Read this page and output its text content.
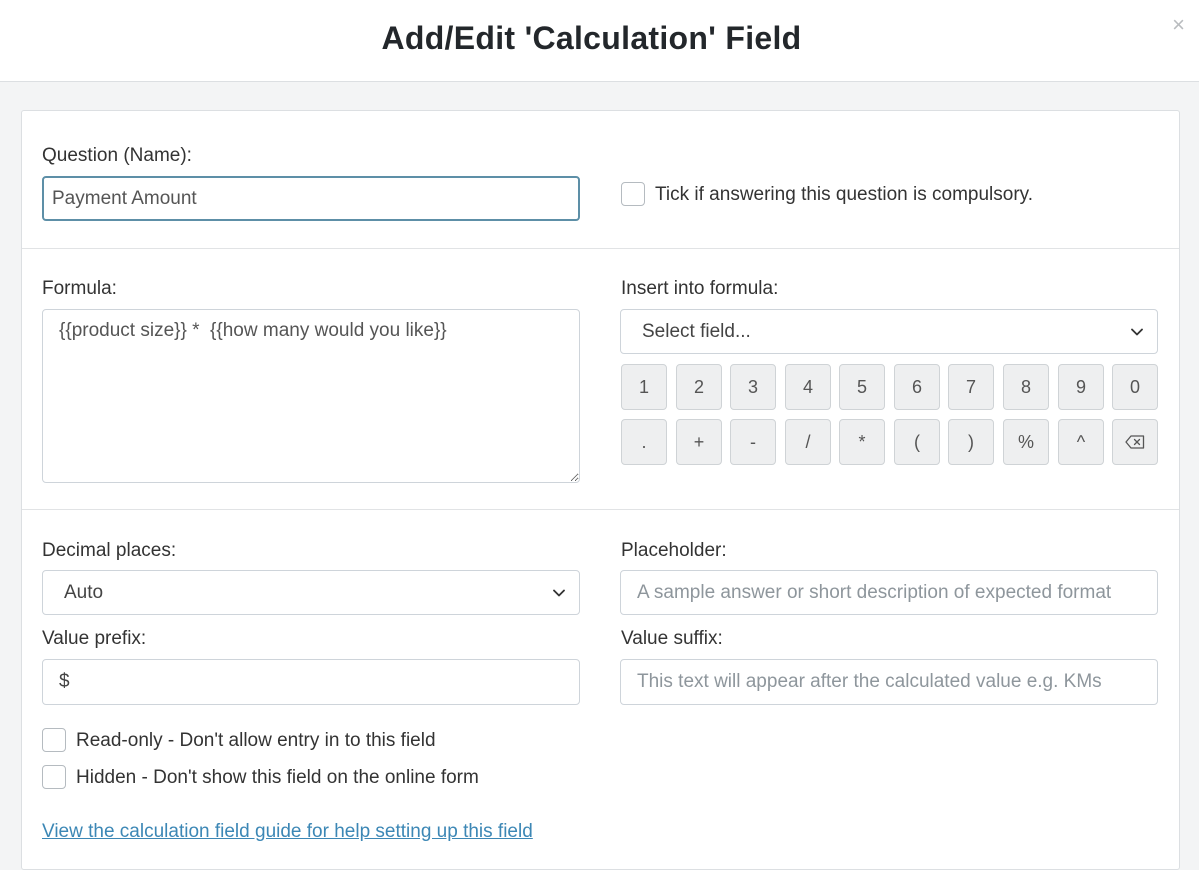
Add/Edit 'Calculation' Field	×
Question (Name):
Payment Amount
Tick if answering this question is compulsory.
Formula:
{{product size}} * {{how many would you like}}	Insert into formula:
Select field...
1	2	3	4	5	6	7	8	9	0
.	+	-	/	*	(	)	%	^
Decimal places:
Auto
Placeholder:
A sample answer or short description of expected format
Value prefix:
$	Value suffix:
This text will appear after the calculated value e.g. KMs
Read-only - Don't allow entry in to this field
Hidden - Don't show this field on the online form
View the calculation field guide for help setting up this field
